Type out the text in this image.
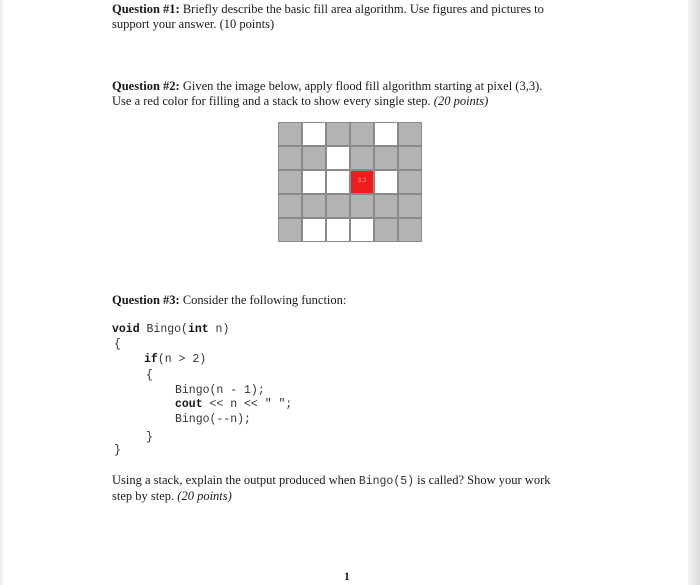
Question #1: Briefly describe the basic fill area algorithm. Use figures and pictures to
support your answer. (10 points)
Question #2: Given the image below, apply flood fill algorithm starting at pixel (3,3).
Use a red color for filling and a stack to show every single step. (20 points)
3,3
Question #3: Consider the following function:
void Bingo(int n)
{
if(n > 2)
{
Bingo(n - 1);
cout << n << " ";
Bingo(--n);
}
}
Using a stack, explain the output produced when Bingo(5) is called? Show your work
step by step. (20 points)
1
